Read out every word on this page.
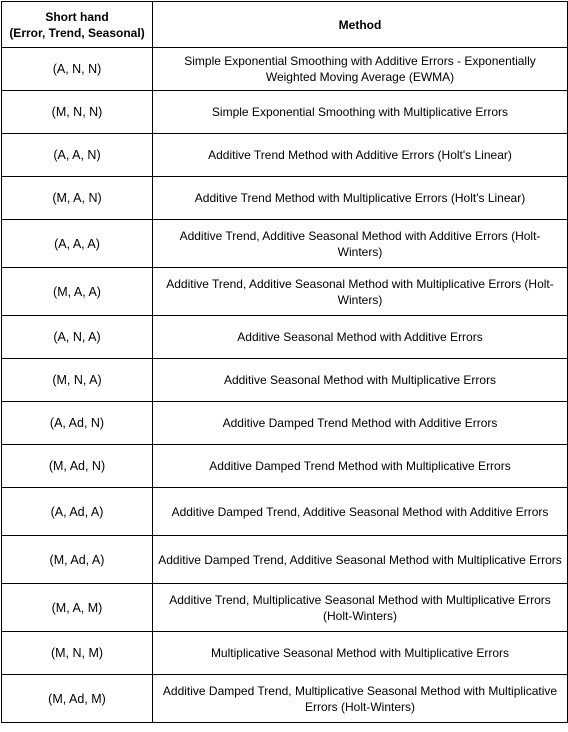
Short hand
(Error, Trend, Seasonal)	Method
(A, N, N)	Simple Exponential Smoothing with Additive Errors - Exponentially Weighted Moving Average (EWMA)
(M, N, N)	Simple Exponential Smoothing with Multiplicative Errors
(A, A, N)	Additive Trend Method with Additive Errors (Holt's Linear)
(M, A, N)	Additive Trend Method with Multiplicative Errors (Holt's Linear)
(A, A, A)	Additive Trend, Additive Seasonal Method with Additive Errors (Holt-Winters)
(M, A, A)	Additive Trend, Additive Seasonal Method with Multiplicative Errors (Holt-Winters)
(A, N, A)	Additive Seasonal Method with Additive Errors
(M, N, A)	Additive Seasonal Method with Multiplicative Errors
(A, Ad, N)	Additive Damped Trend Method with Additive Errors
(M, Ad, N)	Additive Damped Trend Method with Multiplicative Errors
(A, Ad, A)	Additive Damped Trend, Additive Seasonal Method with Additive Errors
(M, Ad, A)	Additive Damped Trend, Additive Seasonal Method with Multiplicative Errors
(M, A, M)	Additive Trend, Multiplicative Seasonal Method with Multiplicative Errors (Holt-Winters)
(M, N, M)	Multiplicative Seasonal Method with Multiplicative Errors
(M, Ad, M)	Additive Damped Trend, Multiplicative Seasonal Method with Multiplicative Errors (Holt-Winters)
